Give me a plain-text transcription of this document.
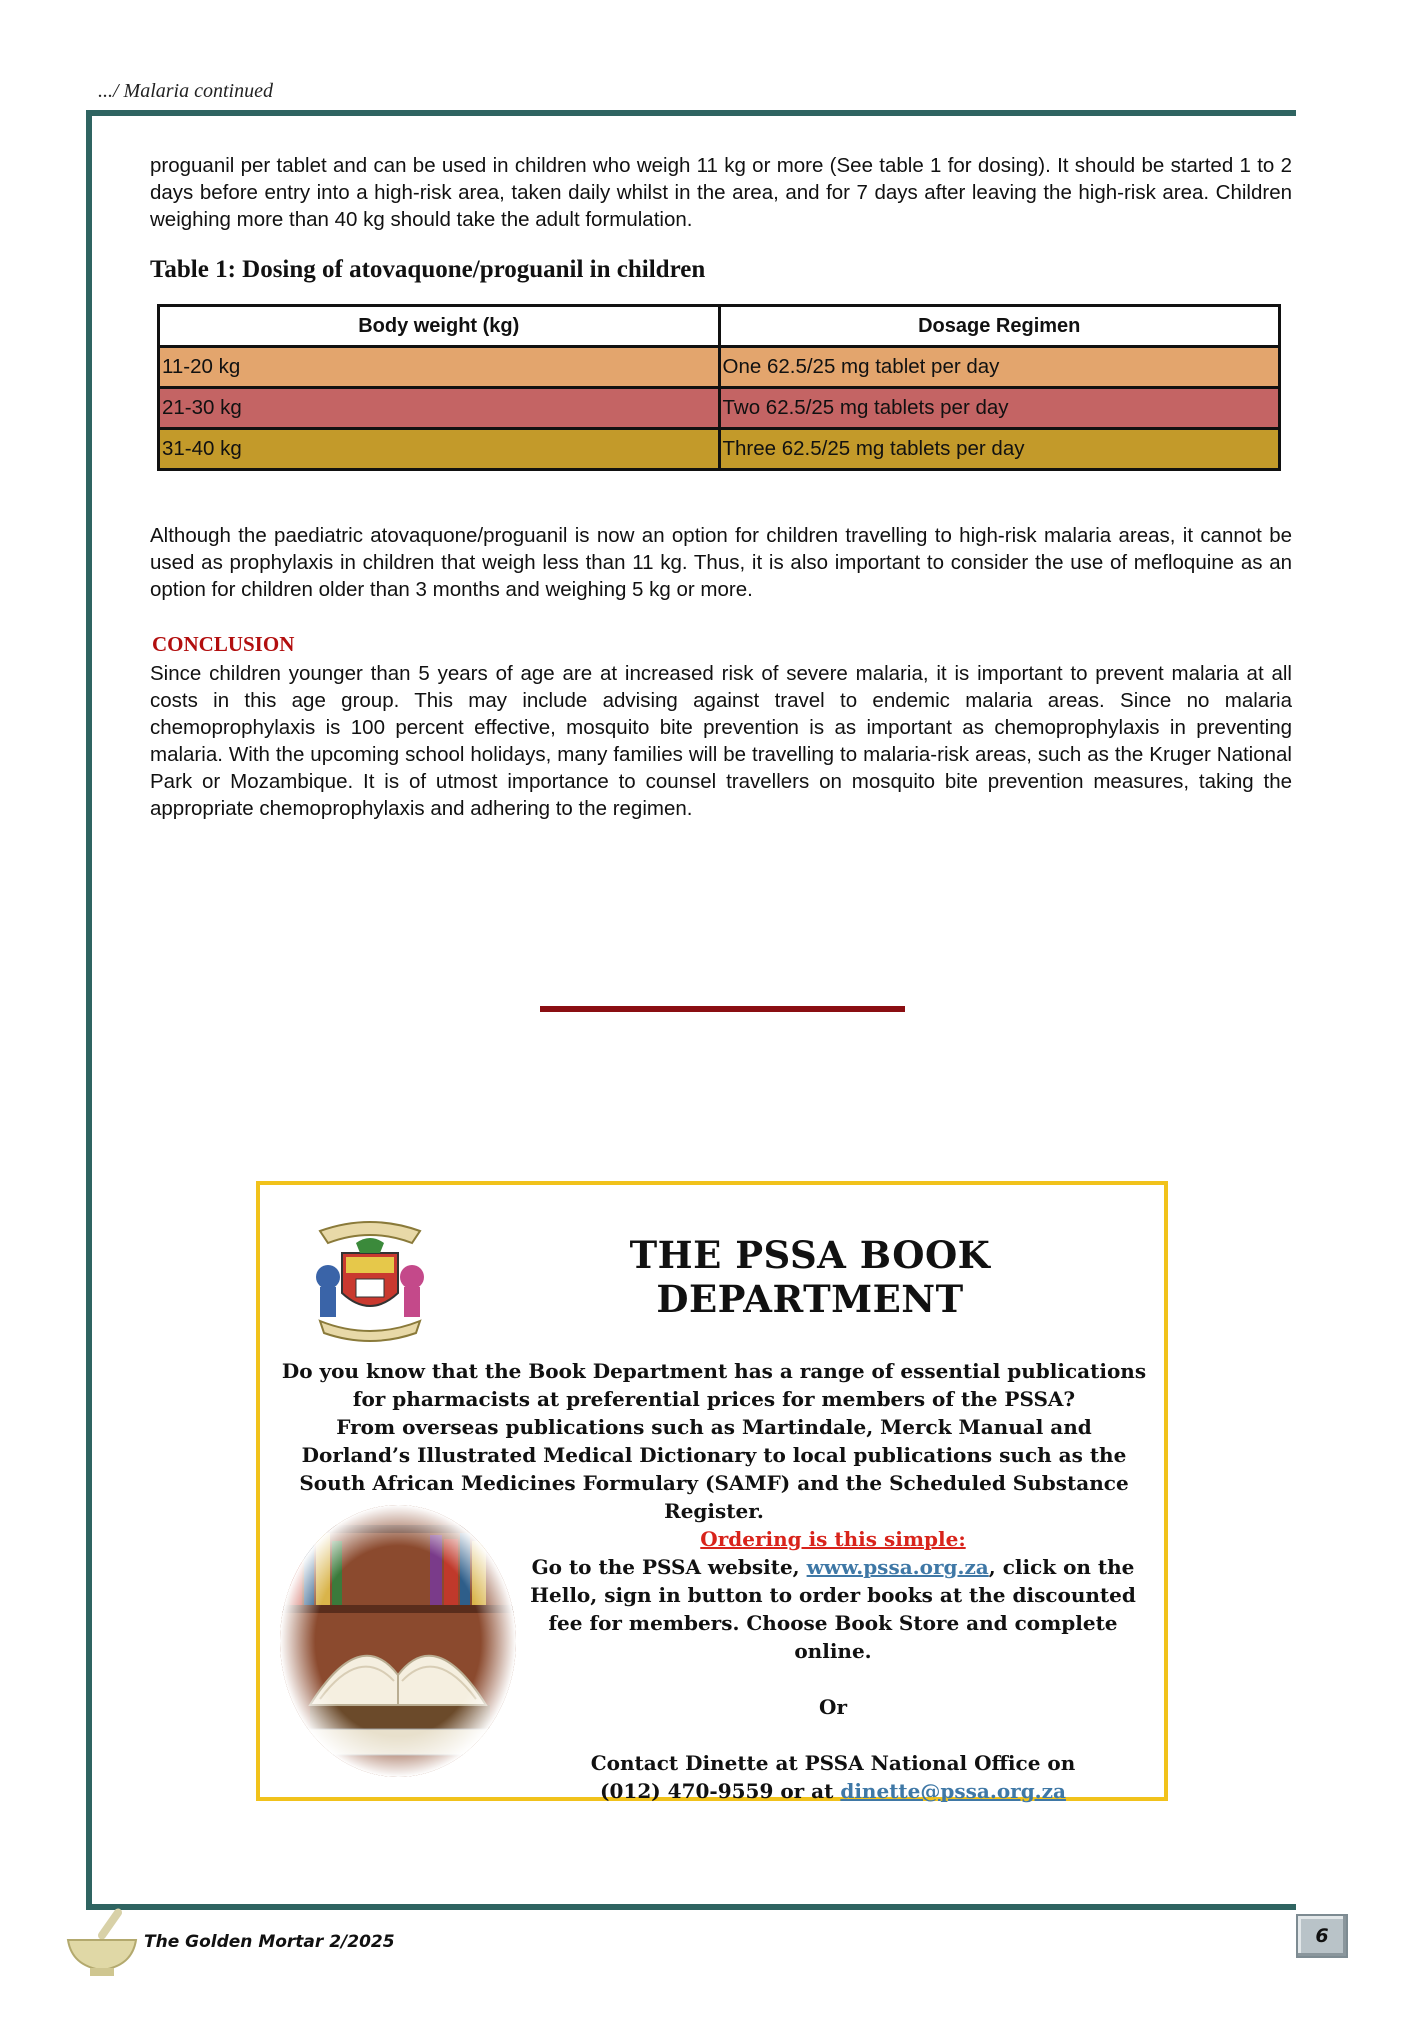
.../ Malaria continued
proguanil per tablet and can be used in children who weigh 11 kg or more (See table 1 for dosing). It should be started 1 to 2 days before entry into a high-risk area, taken daily whilst in the area, and for 7 days after leaving the high-risk area. Children weighing more than 40 kg should take the adult formulation.
Table 1: Dosing of atovaquone/proguanil in children
Body weight (kg)	Dosage Regimen
11-20 kg	One 62.5/25 mg tablet per day
21-30 kg	Two 62.5/25 mg tablets per day
31-40 kg	Three 62.5/25 mg tablets per day
Although the paediatric atovaquone/proguanil is now an option for children travelling to high-risk malaria areas, it cannot be used as prophylaxis in children that weigh less than 11 kg. Thus, it is also important to consider the use of mefloquine as an option for children older than 3 months and weighing 5 kg or more.
CONCLUSION
Since children younger than 5 years of age are at increased risk of severe malaria, it is important to prevent malaria at all costs in this age group. This may include advising against travel to endemic malaria areas. Since no malaria chemoprophylaxis is 100 percent effective, mosquito bite prevention is as important as chemoprophylaxis in preventing malaria. With the upcoming school holidays, many families will be travelling to malaria-risk areas, such as the Kruger National Park or Mozambique. It is of utmost importance to counsel travellers on mosquito bite prevention measures, taking the appropriate chemoprophylaxis and adhering to the regimen.
THE PSSA BOOK DEPARTMENT
Do you know that the Book Department has a range of essential publications for pharmacists at preferential prices for members of the PSSA?
From overseas publications such as Martindale, Merck Manual and Dorland’s Illustrated Medical Dictionary to local publications such as the South African Medicines Formulary (SAMF) and the Scheduled Substance Register.

Ordering is this simple:

Go to the PSSA website, www.pssa.org.za, click on the Hello, sign in button to order books at the discounted fee for members. Choose Book Store and complete online.

Or

Contact Dinette at PSSA National Office on

(012) 470-9559 or at dinette@pssa.org.za

The Golden Mortar 2/2025	6
